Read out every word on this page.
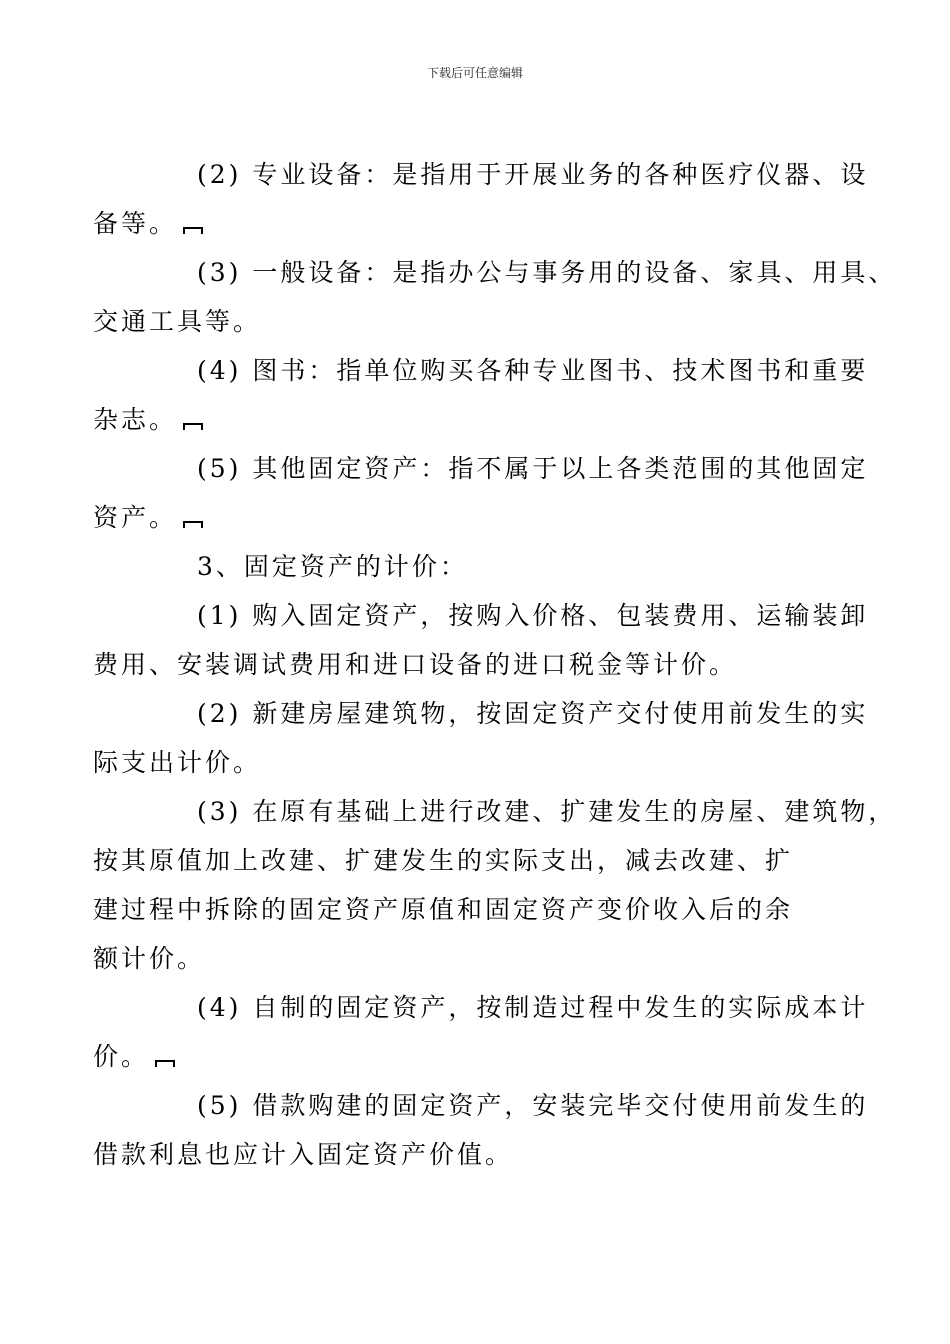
下载后可任意编辑
(2) 专业设备：是指用于开展业务的各种医疗仪器、设
备等。
(3) 一般设备：是指办公与事务用的设备、家具、用具、
交通工具等。
(4) 图书：指单位购买各种专业图书、技术图书和重要
杂志。
(5) 其他固定资产：指不属于以上各类范围的其他固定
资产。
3、固定资产的计价：
(1) 购入固定资产，按购入价格、包装费用、运输装卸
费用、安装调试费用和进口设备的进口税金等计价。
(2) 新建房屋建筑物，按固定资产交付使用前发生的实
际支出计价。
(3) 在原有基础上进行改建、扩建发生的房屋、建筑物，
按其原值加上改建、扩建发生的实际支出，减去改建、扩
建过程中拆除的固定资产原值和固定资产变价收入后的余
额计价。
(4) 自制的固定资产，按制造过程中发生的实际成本计
价。
(5) 借款购建的固定资产，安装完毕交付使用前发生的
借款利息也应计入固定资产价值。
